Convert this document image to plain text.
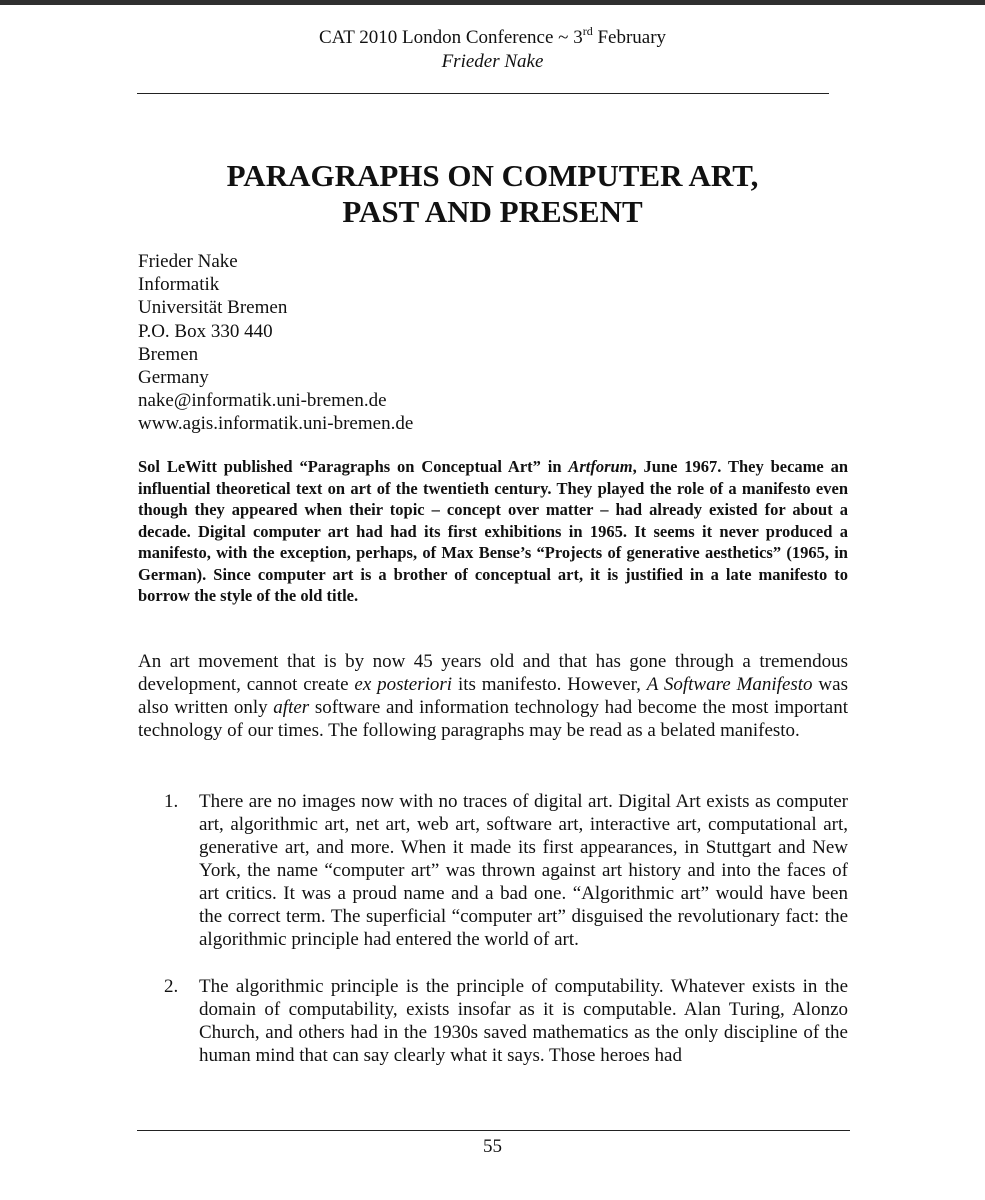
CAT 2010 London Conference ~ 3rd February
Frieder Nake
PARAGRAPHS ON COMPUTER ART,
PAST AND PRESENT
Frieder Nake
Informatik
Universität Bremen
P.O. Box 330 440
Bremen
Germany
nake@informatik.uni-bremen.de
www.agis.informatik.uni-bremen.de
Sol LeWitt published “Paragraphs on Conceptual Art” in Artforum, June 1967. They became an influential theoretical text on art of the twentieth century. They played the role of a manifesto even though they appeared when their topic – concept over matter – had already existed for about a decade. Digital computer art had had its first exhibitions in 1965. It seems it never produced a manifesto, with the exception, perhaps, of Max Bense’s “Projects of generative aesthetics” (1965, in German). Since computer art is a brother of conceptual art, it is justified in a late manifesto to borrow the style of the old title.
An art movement that is by now 45 years old and that has gone through a tremendous development, cannot create ex posteriori its manifesto. However, A Software Manifesto was also written only after software and information technology had become the most important technology of our times. The following paragraphs may be read as a belated manifesto.
1. There are no images now with no traces of digital art. Digital Art exists as computer art, algorithmic art, net art, web art, software art, interactive art, computational art, generative art, and more. When it made its first appearances, in Stuttgart and New York, the name “computer art” was thrown against art history and into the faces of art critics. It was a proud name and a bad one. “Algorithmic art” would have been the correct term. The superficial “computer art” disguised the revolutionary fact: the algorithmic principle had entered the world of art.
2. The algorithmic principle is the principle of computability. Whatever exists in the domain of computability, exists insofar as it is computable. Alan Turing, Alonzo Church, and others had in the 1930s saved mathematics as the only discipline of the human mind that can say clearly what it says. Those heroes had
55
